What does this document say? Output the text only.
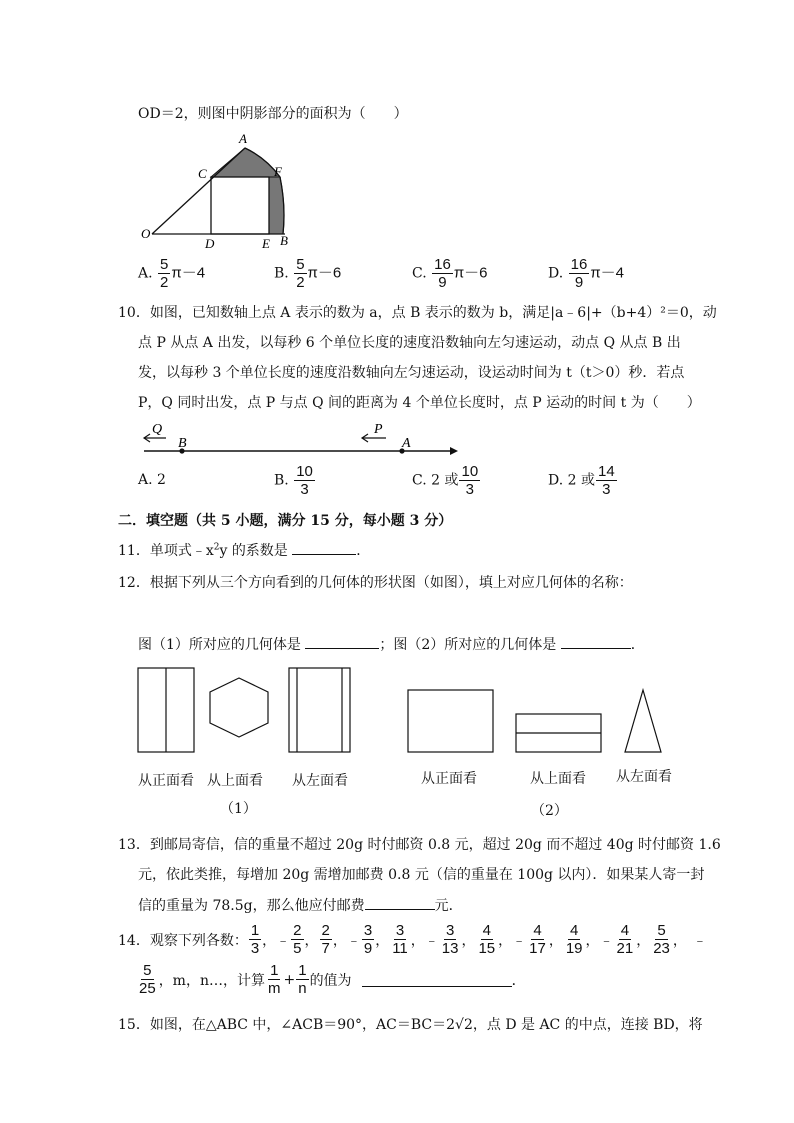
OD＝2，则图中阴影部分的面积为（　　）
A
C	F
O
D	E B
A. $\frac{5}{2} \pi-4$	B. $\frac{5}{2} \pi-6$	C. $\frac{16}{9} \pi-6$	D. $\frac{16}{9} \pi-4$
10．如图，已知数轴上点 A 表示的数为 a，点 B 表示的数为 b，满足|a﹣6|+（b+4）²＝0，动
点 P 从点 A 出发，以每秒 6 个单位长度的速度沿数轴向左匀速运动，动点 Q 从点 B 出
发，以每秒 3 个单位长度的速度沿数轴向左匀速运动，设运动时间为 t（t＞0）秒．若点
P，Q 同时出发，点 P 与点 Q 间的距离为 4 个单位长度时，点 P 运动的时间 t 为（　　）
Q
B
P
A
A. 2	B. $\frac{10}{3}$	C. 2 或 $\frac{10}{3}$	D. 2 或 $\frac{14}{3}$
二．填空题（共 5 小题，满分 15 分，每小题 3 分）
11．单项式$﹣x^2y$ 的系数是	．
12．根据下列从三个方向看到的几何体的形状图（如图），填上对应几何体的名称：
图（1）所对应的几何体是	；图（2）所对应的几何体是	．
从正面看 从上面看 从左面看	从正面看	从上面看 从左面看
（1）	（2）
13．到邮局寄信，信的重量不超过 20g 时付邮资 0.8 元，超过 20g 而不超过 40g 时付邮资 1.6
元，依此类推，每增加 20g 需增加邮费 0.8 元（信的重量在 100g 以内）．如果某人寄一封
信的重量为 78.5g，那么他应付邮费	元．
14．观察下列各数： $\frac{1}{3}$ ， ﹣ $\frac{2}{5}$ ， $\frac{2}{7}$ ， ﹣ $\frac{3}{9}$ ， $\frac{3}{11}$ ， ﹣ $\frac{3}{13}$ ， $\frac{4}{15}$ ， ﹣ $\frac{4}{17}$ ， $\frac{4}{19}$ ， ﹣ $\frac{4}{21}$ ， $\frac{5}{23}$ ， ﹣
$\frac{5}{25}$ ，m，n…，计算 $\frac{1}{m} + \frac{1}{n}$ 的值为	．
15．如图，在△ABC 中，∠ACB＝90°，AC＝BC＝2√2，点 D 是 AC 的中点，连接 BD，将
